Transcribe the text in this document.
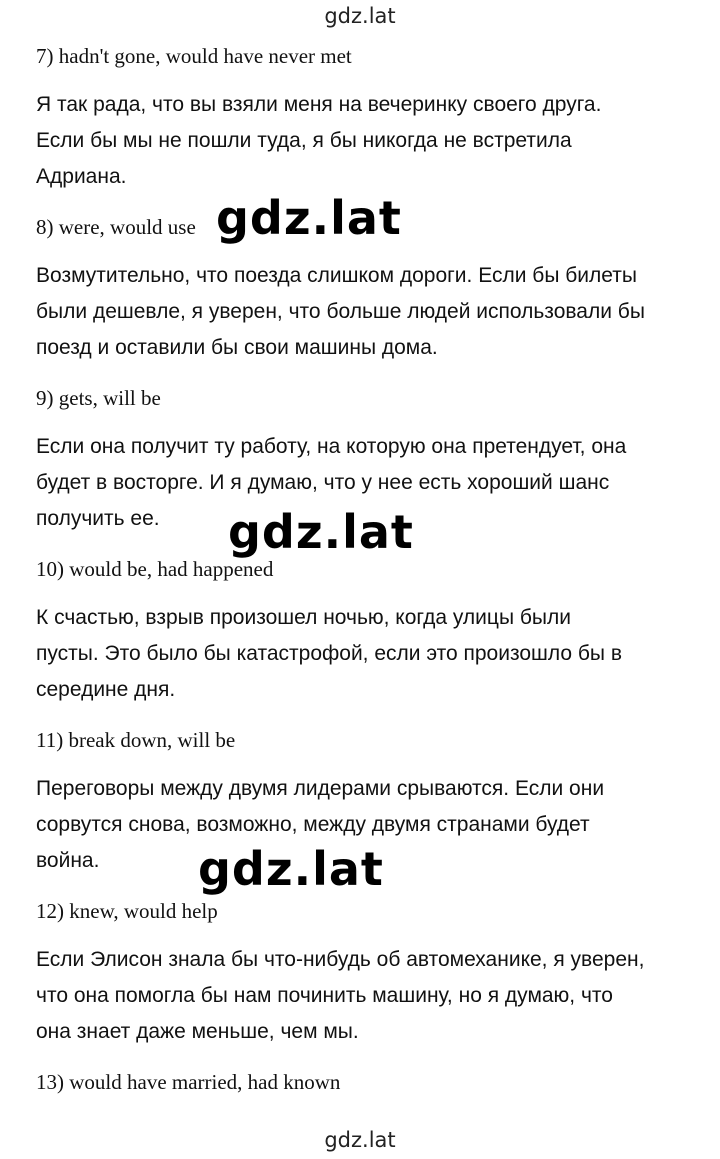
gdz.lat

7) hadn't gone, would have never met

Я так рада, что вы взяли меня на вечеринку своего друга.
Если бы мы не пошли туда, я бы никогда не встретила
Адриана.

8) were, would use

Возмутительно, что поезда слишком дороги. Если бы билеты
были дешевле, я уверен, что больше людей использовали бы
поезд и оставили бы свои машины дома.

9) gets, will be

Если она получит ту работу, на которую она претендует, она
будет в восторге. И я думаю, что у нее есть хороший шанс
получить ее.

10) would be, had happened

К счастью, взрыв произошел ночью, когда улицы были
пусты. Это было бы катастрофой, если это произошло бы в
середине дня.

11) break down, will be

Переговоры между двумя лидерами срываются. Если они
сорвутся снова, возможно, между двумя странами будет
война.

12) knew, would help

Если Элисон знала бы что-нибудь об автомеханике, я уверен,
что она помогла бы нам починить машину, но я думаю, что
она знает даже меньше, чем мы.

13) would have married, had known

gdz.lat
gdz.lat
gdz.lat
gdz.lat
